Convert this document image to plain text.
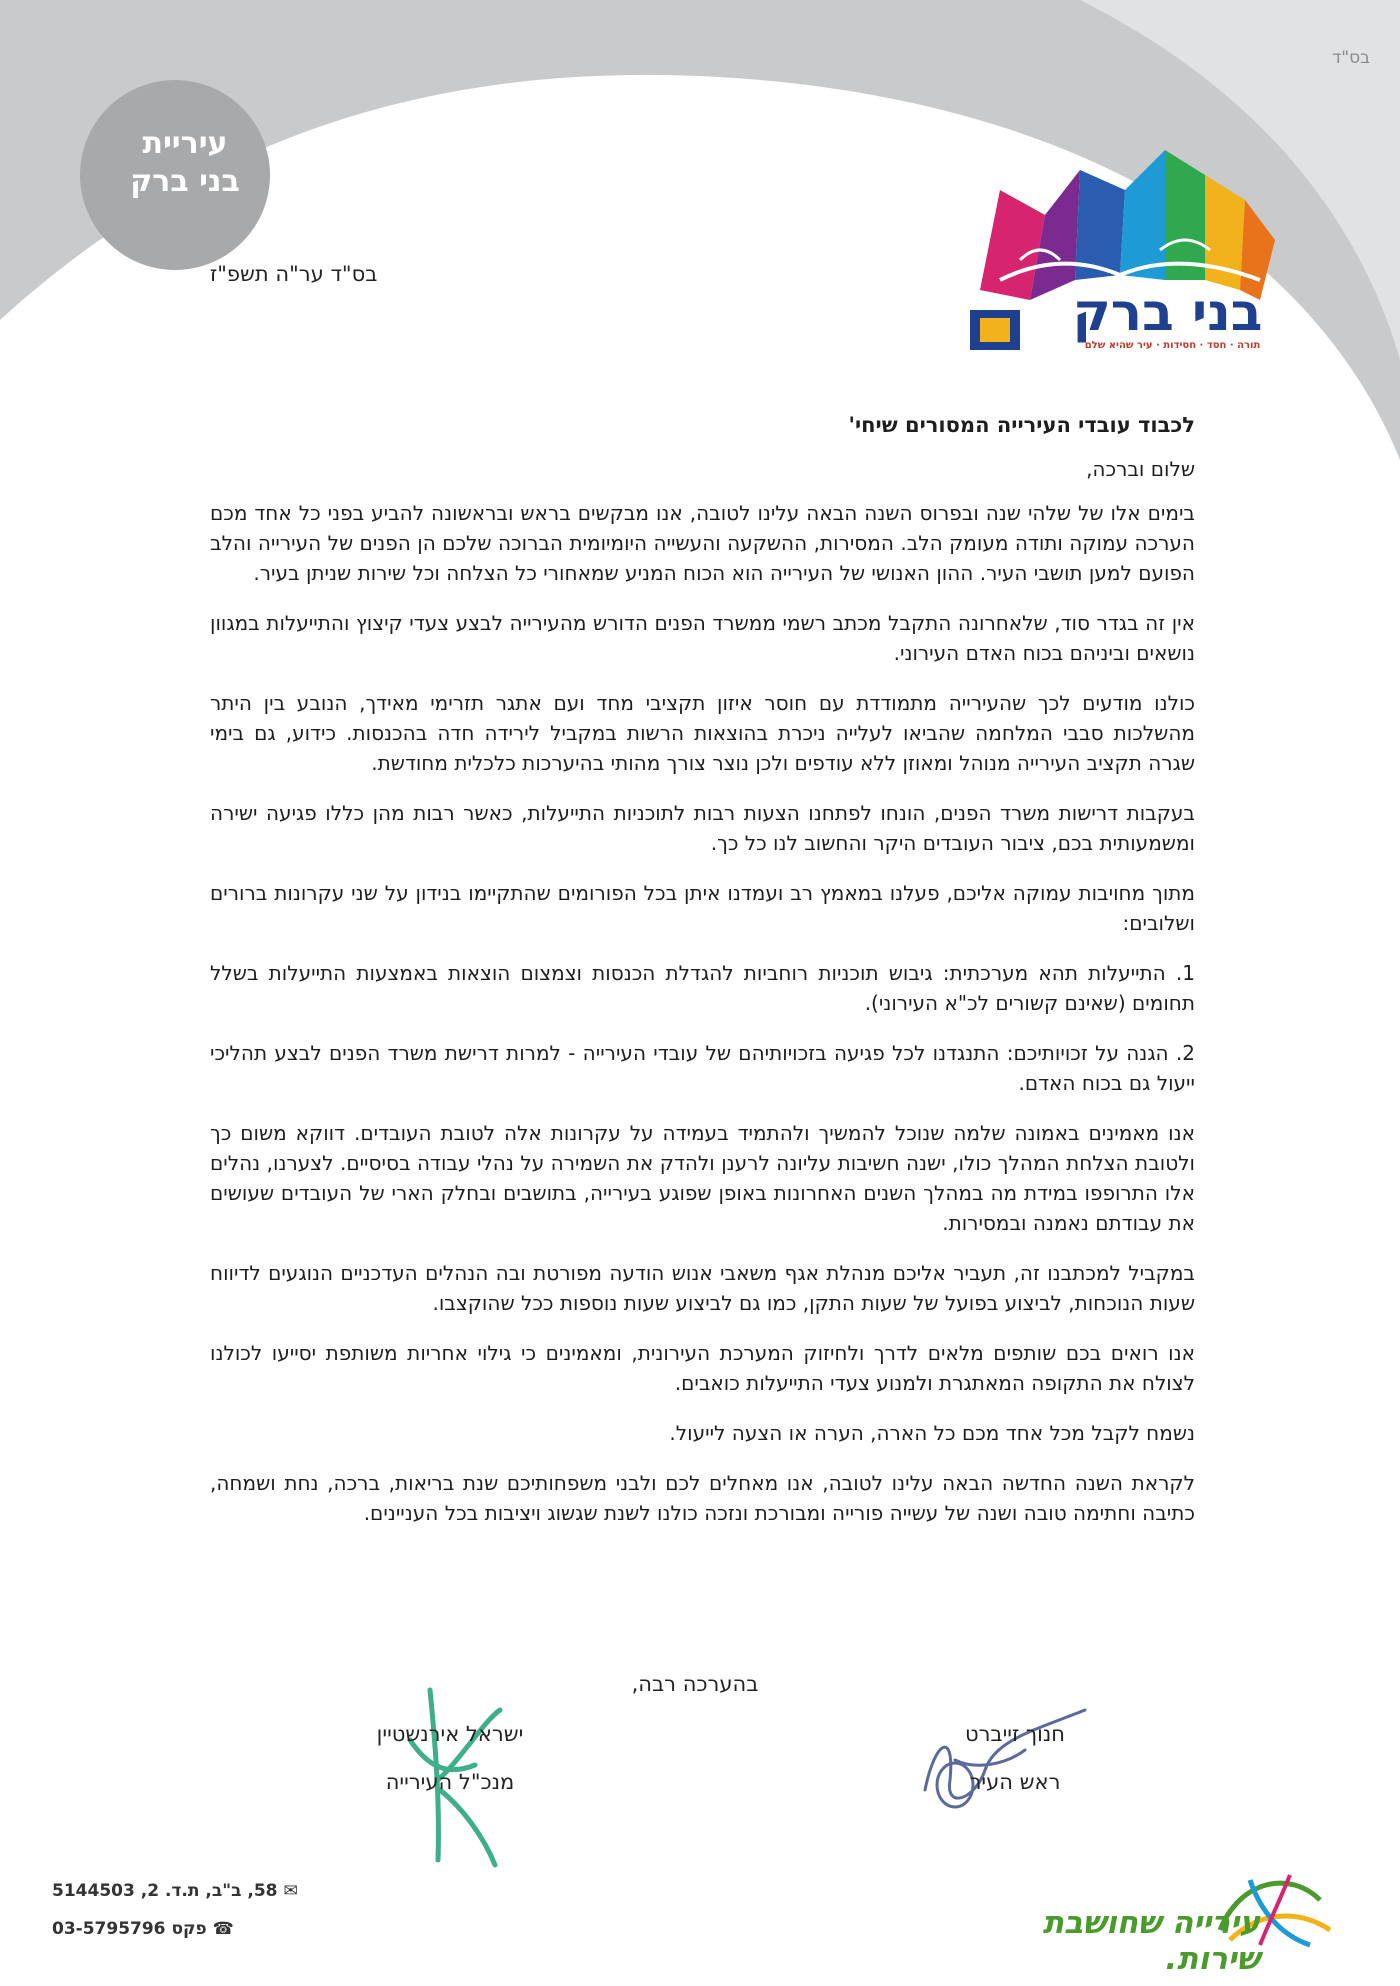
בס"ד
עיריית
בני ברק
בס"ד ער"ה תשפ"ז
בני ברק
תורה · חסד · חסידות · עיר שהיא שלם

לכבוד עובדי העירייה המסורים שיחי'

שלום וברכה,

בימים אלו של שלהי שנה ובפרוס השנה הבאה עלינו לטובה, אנו מבקשים בראש ובראשונה להביע בפני כל אחד מכם הערכה עמוקה ותודה מעומק הלב. המסירות, ההשקעה והעשייה היומיומית הברוכה שלכם הן הפנים של העירייה והלב הפועם למען תושבי העיר. ההון האנושי של העירייה הוא הכוח המניע שמאחורי כל הצלחה וכל שירות שניתן בעיר.

אין זה בגדר סוד, שלאחרונה התקבל מכתב רשמי ממשרד הפנים הדורש מהעירייה לבצע צעדי קיצוץ והתייעלות במגוון נושאים וביניהם בכוח האדם העירוני.

כולנו מודעים לכך שהעירייה מתמודדת עם חוסר איזון תקציבי מחד ועם אתגר תזרימי מאידך, הנובע בין היתר מהשלכות סבבי המלחמה שהביאו לעלייה ניכרת בהוצאות הרשות במקביל לירידה חדה בהכנסות. כידוע, גם בימי שגרה תקציב העירייה מנוהל ומאוזן ללא עודפים ולכן נוצר צורך מהותי בהיערכות כלכלית מחודשת.

בעקבות דרישות משרד הפנים, הונחו לפתחנו הצעות רבות לתוכניות התייעלות, כאשר רבות מהן כללו פגיעה ישירה ומשמעותית בכם, ציבור העובדים היקר והחשוב לנו כל כך.

מתוך מחויבות עמוקה אליכם, פעלנו במאמץ רב ועמדנו איתן בכל הפורומים שהתקיימו בנידון על שני עקרונות ברורים ושלובים:

1. התייעלות תהא מערכתית: גיבוש תוכניות רוחביות להגדלת הכנסות וצמצום הוצאות באמצעות התייעלות בשלל תחומים (שאינם קשורים לכ"א העירוני).

2. הגנה על זכויותיכם: התנגדנו לכל פגיעה בזכויותיהם של עובדי העירייה - למרות דרישת משרד הפנים לבצע תהליכי ייעול גם בכוח האדם.

אנו מאמינים באמונה שלמה שנוכל להמשיך ולהתמיד בעמידה על עקרונות אלה לטובת העובדים. דווקא משום כך ולטובת הצלחת המהלך כולו, ישנה חשיבות עליונה לרענן ולהדק את השמירה על נהלי עבודה בסיסיים. לצערנו, נהלים אלו התרופפו במידת מה במהלך השנים האחרונות באופן שפוגע בעירייה, בתושבים ובחלק הארי של העובדים שעושים את עבודתם נאמנה ובמסירות.

במקביל למכתבנו זה, תעביר אליכם מנהלת אגף משאבי אנוש הודעה מפורטת ובה הנהלים העדכניים הנוגעים לדיווח שעות הנוכחות, לביצוע בפועל של שעות התקן, כמו גם לביצוע שעות נוספות ככל שהוקצבו.

אנו רואים בכם שותפים מלאים לדרך ולחיזוק המערכת העירונית, ומאמינים כי גילוי אחריות משותפת יסייעו לכולנו לצולח את התקופה המאתגרת ולמנוע צעדי התייעלות כואבים.

נשמח לקבל מכל אחד מכם כל הארה, הערה או הצעה לייעול.

לקראת השנה החדשה הבאה עלינו לטובה, אנו מאחלים לכם ולבני משפחותיכם שנת בריאות, ברכה, נחת ושמחה, כתיבה וחתימה טובה ושנה של עשייה פורייה ומבורכת ונזכה כולנו לשנת שגשוג ויציבות בכל העניינים.

בהערכה רבה,
ישראל אירנשטיין
מנכ"ל העירייה
חנוך זייברט
ראש העיר
✉ 58, ב"ב, ת.ד. 2, 5144503
☎ פקס 03-5795796	עירייה שחושבת שירות.
